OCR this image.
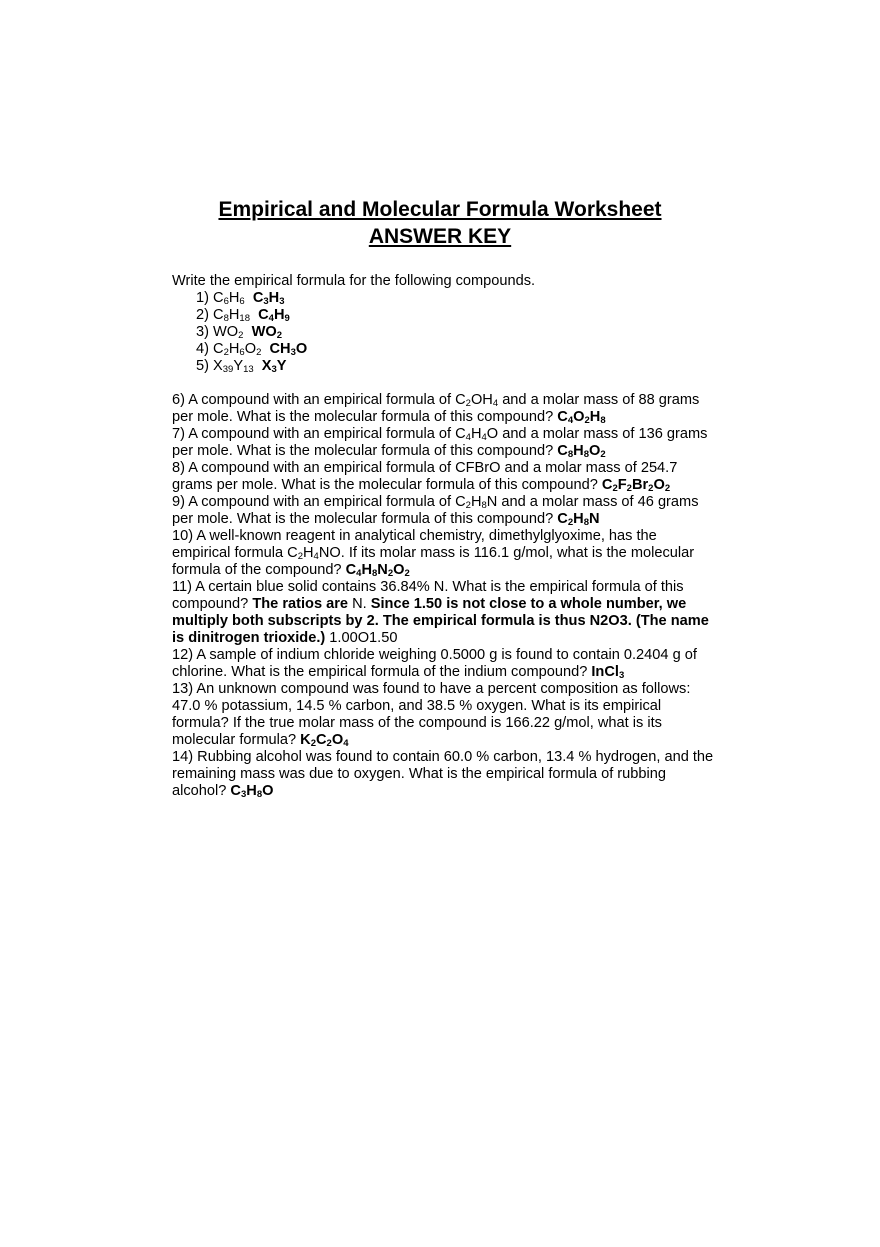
Empirical and Molecular Formula Worksheet

ANSWER KEY

Write the empirical formula for the following compounds.

1) $C_6H_6$ $C_3H_3$
2) $C_8H_{18}$ $C_4H_9$
3) $WO_2$ $WO_2$
4) $C_2H_6O_2$ $CH_3O$
5) $X_{39}Y_{13}$ $X_3Y$

6) A compound with an empirical formula of $C_2OH_4$ and a molar mass of 88 grams per mole. What is the molecular formula of this compound? $C_4O_2H_8$

7) A compound with an empirical formula of $C_4H_4O$ and a molar mass of 136 grams per mole. What is the molecular formula of this compound? $C_8H_8O_2$

8) A compound with an empirical formula of CFBrO and a molar mass of 254.7 grams per mole. What is the molecular formula of this compound? $C_2F_2Br_2O_2$

9) A compound with an empirical formula of $C_2H_8N$ and a molar mass of 46 grams per mole. What is the molecular formula of this compound? $C_2H_8N$

10) A well-known reagent in analytical chemistry, dimethylglyoxime, has the empirical formula $C_2H_4NO$. If its molar mass is 116.1 g/mol, what is the molecular formula of the compound? $C_4H_8N_2O_2$

11) A certain blue solid contains 36.84% N. What is the empirical formula of this compound? The ratios are N. Since 1.50 is not close to a whole number, we multiply both subscripts by 2. The empirical formula is thus N2O3. (The name is dinitrogen trioxide.) 1.00O1.50

12) A sample of indium chloride weighing 0.5000 g is found to contain 0.2404 g of chlorine. What is the empirical formula of the indium compound? InCl$_3$

13) An unknown compound was found to have a percent composition as follows: 47.0 % potassium, 14.5 % carbon, and 38.5 % oxygen. What is its empirical formula? If the true molar mass of the compound is 166.22 g/mol, what is its molecular formula? $K_2C_2O_4$

14) Rubbing alcohol was found to contain 60.0 % carbon, 13.4 % hydrogen, and the remaining mass was due to oxygen. What is the empirical formula of rubbing alcohol? $C_3H_8O$
